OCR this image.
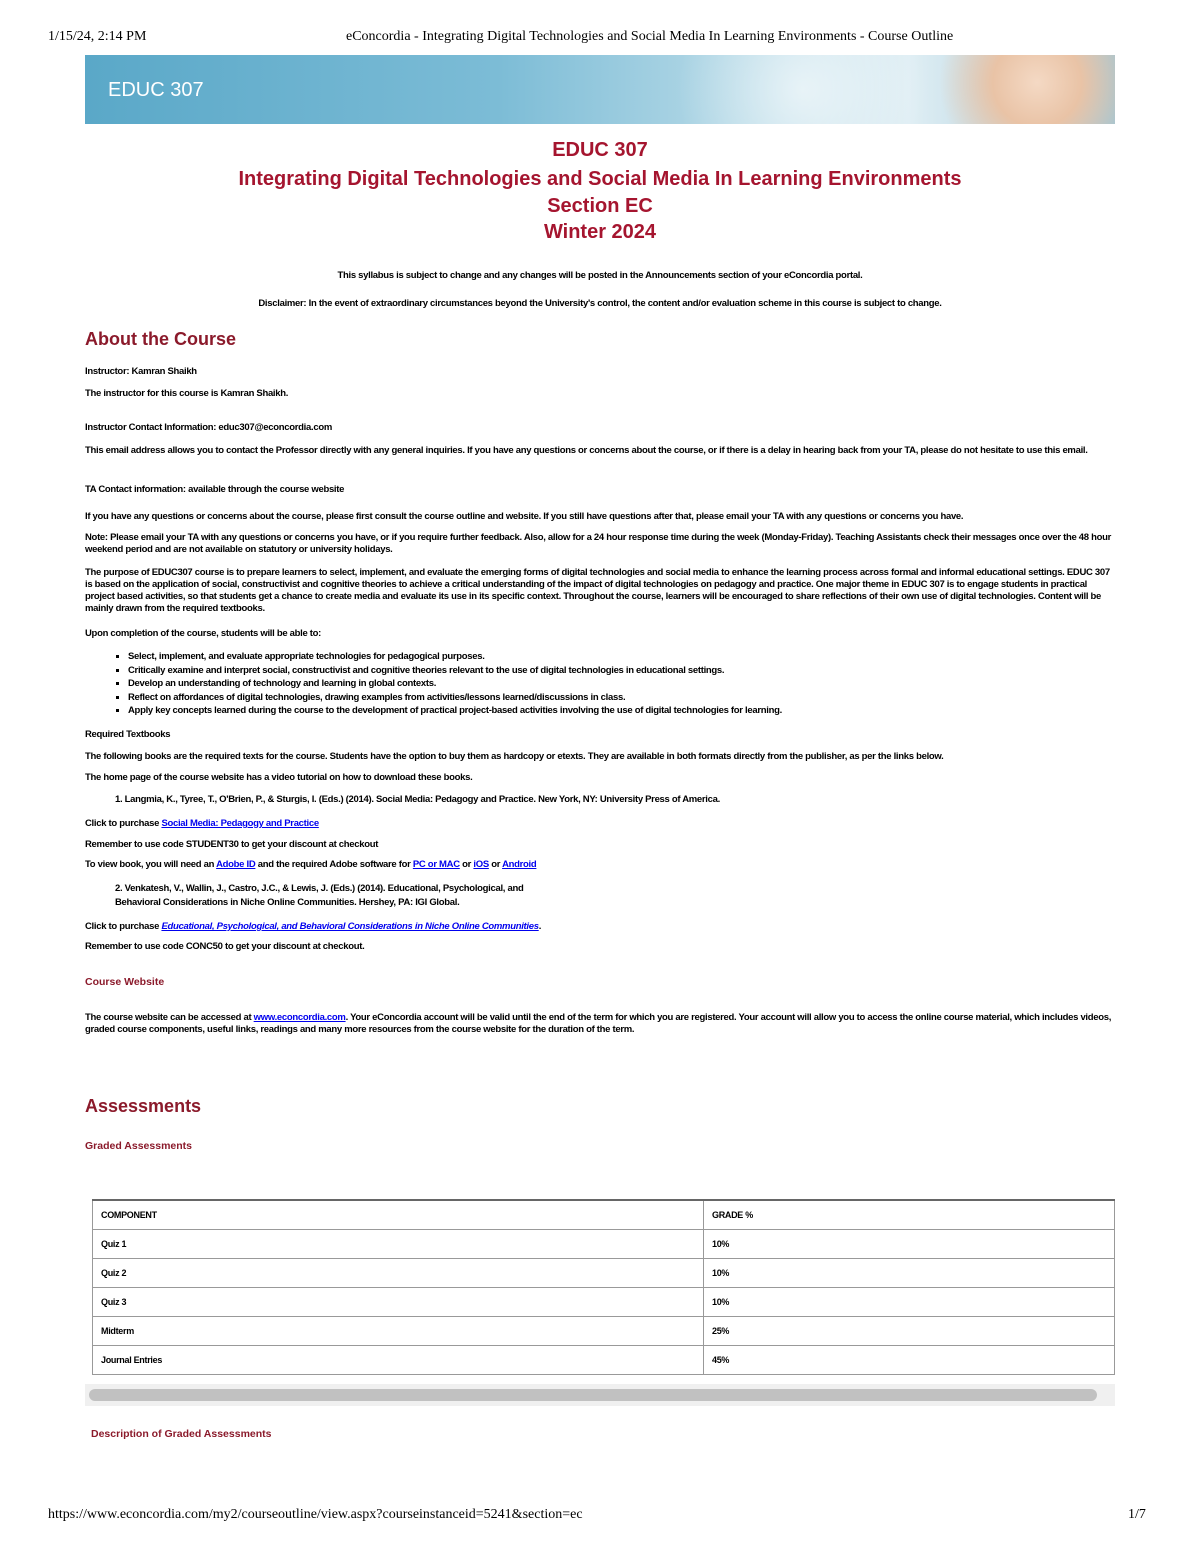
1/15/24, 2:14 PM	eConcordia - Integrating Digital Technologies and Social Media In Learning Environments - Course Outline
EDUC 307
EDUC 307
Integrating Digital Technologies and Social Media In Learning Environments
Section EC
Winter 2024
This syllabus is subject to change and any changes will be posted in the Announcements section of your eConcordia portal.
Disclaimer: In the event of extraordinary circumstances beyond the University's control, the content and/or evaluation scheme in this course is subject to change.
About the Course
Instructor: Kamran Shaikh
The instructor for this course is Kamran Shaikh.
Instructor Contact Information: educ307@econcordia.com
This email address allows you to contact the Professor directly with any general inquiries. If you have any questions or concerns about the course, or if there is a delay in hearing back from your TA, please do not hesitate to use this email.
TA Contact information: available through the course website
If you have any questions or concerns about the course, please first consult the course outline and website. If you still have questions after that, please email your TA with any questions or concerns you have.
Note: Please email your TA with any questions or concerns you have, or if you require further feedback. Also, allow for a 24 hour response time during the week (Monday-Friday). Teaching Assistants check their messages once over the 48 hour weekend period and are not available on statutory or university holidays.
The purpose of EDUC307 course is to prepare learners to select, implement, and evaluate the emerging forms of digital technologies and social media to enhance the learning process across formal and informal educational settings. EDUC 307 is based on the application of social, constructivist and cognitive theories to achieve a critical understanding of the impact of digital technologies on pedagogy and practice. One major theme in EDUC 307 is to engage students in practical project based activities, so that students get a chance to create media and evaluate its use in its specific context. Throughout the course, learners will be encouraged to share reflections of their own use of digital technologies. Content will be mainly drawn from the required textbooks.
Upon completion of the course, students will be able to:
▪ Select, implement, and evaluate appropriate technologies for pedagogical purposes.
▪ Critically examine and interpret social, constructivist and cognitive theories relevant to the use of digital technologies in educational settings.
▪ Develop an understanding of technology and learning in global contexts.
▪ Reflect on affordances of digital technologies, drawing examples from activities/lessons learned/discussions in class.
▪ Apply key concepts learned during the course to the development of practical project-based activities involving the use of digital technologies for learning.
Required Textbooks
The following books are the required texts for the course. Students have the option to buy them as hardcopy or etexts. They are available in both formats directly from the publisher, as per the links below.
The home page of the course website has a video tutorial on how to download these books.
1. Langmia, K., Tyree, T., O'Brien, P., & Sturgis, I. (Eds.) (2014). Social Media: Pedagogy and Practice. New York, NY: University Press of America.
Click to purchase Social Media: Pedagogy and Practice
Remember to use code STUDENT30 to get your discount at checkout
To view book, you will need an Adobe ID and the required Adobe software for PC or MAC or iOS or Android
2. Venkatesh, V., Wallin, J., Castro, J.C., & Lewis, J. (Eds.) (2014). Educational, Psychological, and
Behavioral Considerations in Niche Online Communities. Hershey, PA: IGI Global.
Click to purchase Educational, Psychological, and Behavioral Considerations in Niche Online Communities.
Remember to use code CONC50 to get your discount at checkout.
Course Website
The course website can be accessed at www.econcordia.com. Your eConcordia account will be valid until the end of the term for which you are registered. Your account will allow you to access the online course material, which includes videos, graded course components, useful links, readings and many more resources from the course website for the duration of the term.
Assessments
Graded Assessments
COMPONENT	GRADE %
Quiz 1	10%
Quiz 2	10%
Quiz 3	10%
Midterm	25%
Journal Entries	45%
Description of Graded Assessments
https://www.econcordia.com/my2/courseoutline/view.aspx?courseinstanceid=5241&section=ec	1/7
